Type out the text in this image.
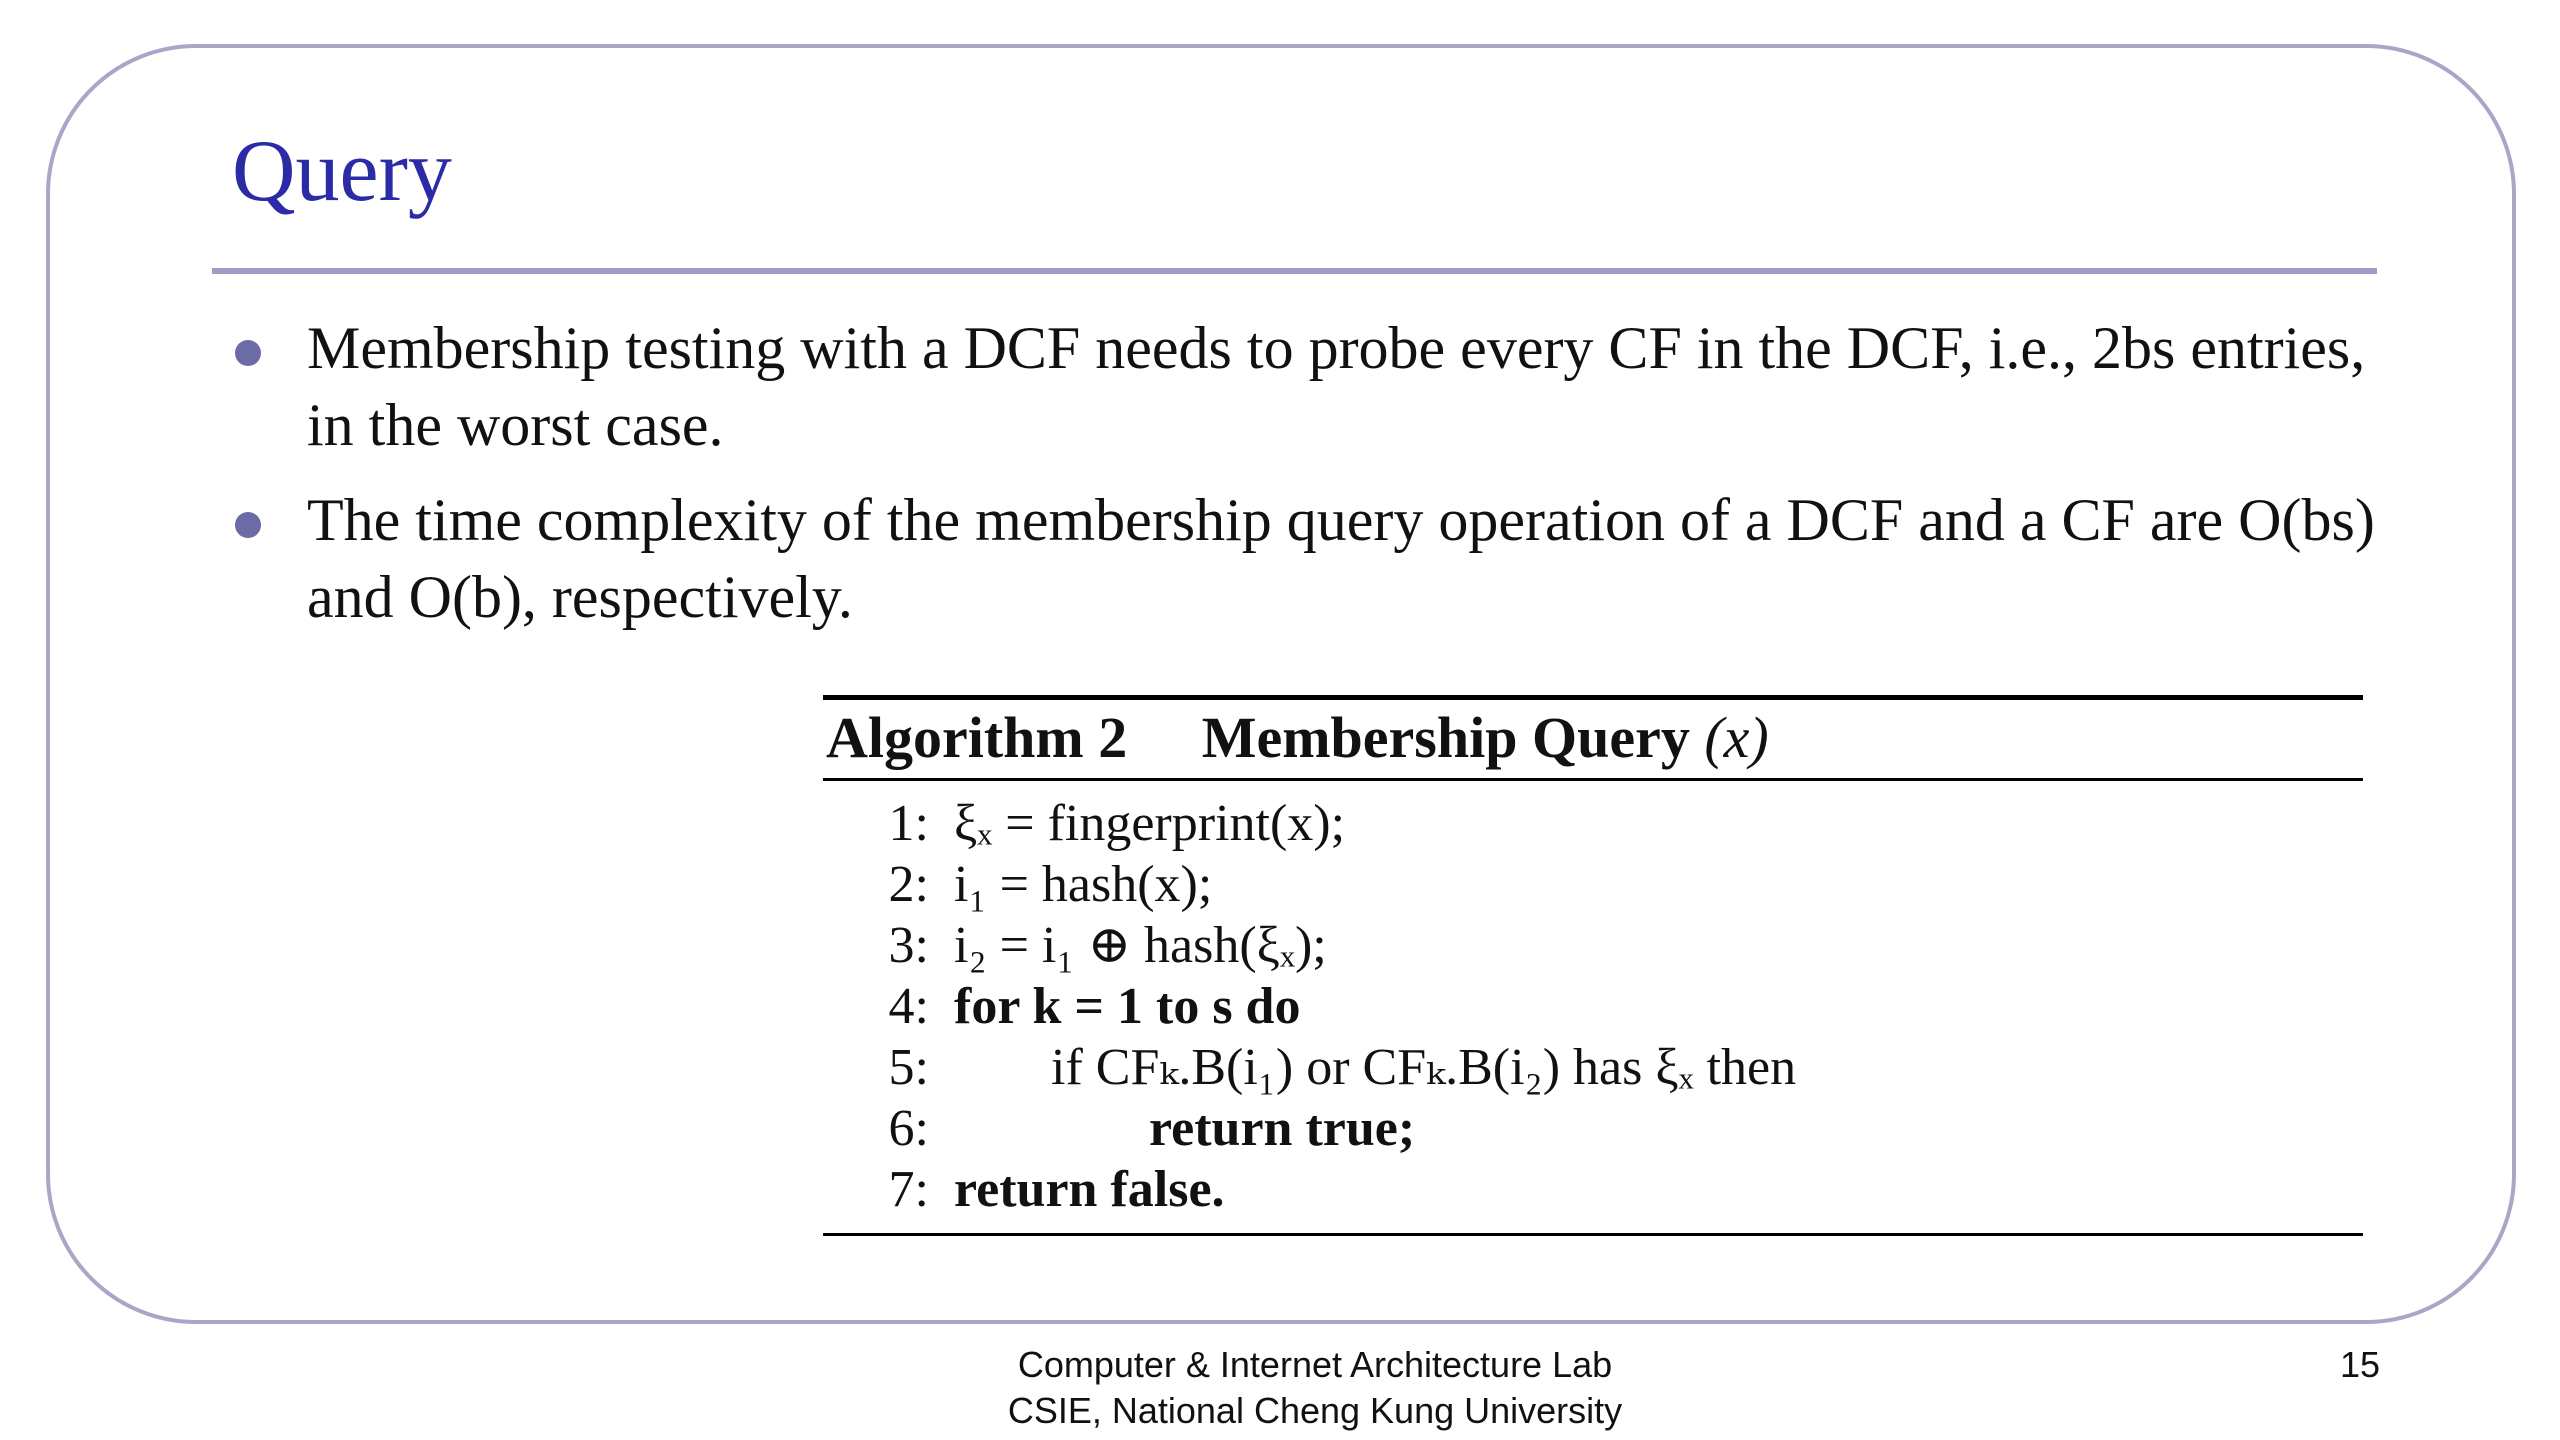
Query
Membership testing with a DCF needs to probe every CF in the DCF, i.e., 2bs entries, in the worst case.
The time complexity of the membership query operation of a DCF and a CF are O(bs) and O(b), respectively.
Algorithm 2 Membership Query (x)
1: ξₓ = fingerprint(x);
2: i₁ = hash(x);
3: i₂ = i₁ ⊕ hash(ξₓ);
4: for k = 1 to s do
5: if CFₖ.B(i₁) or CFₖ.B(i₂) has ξₓ then
6:	return true;
7: return false.
Computer & Internet Architecture Lab
CSIE, National Cheng Kung University
15
